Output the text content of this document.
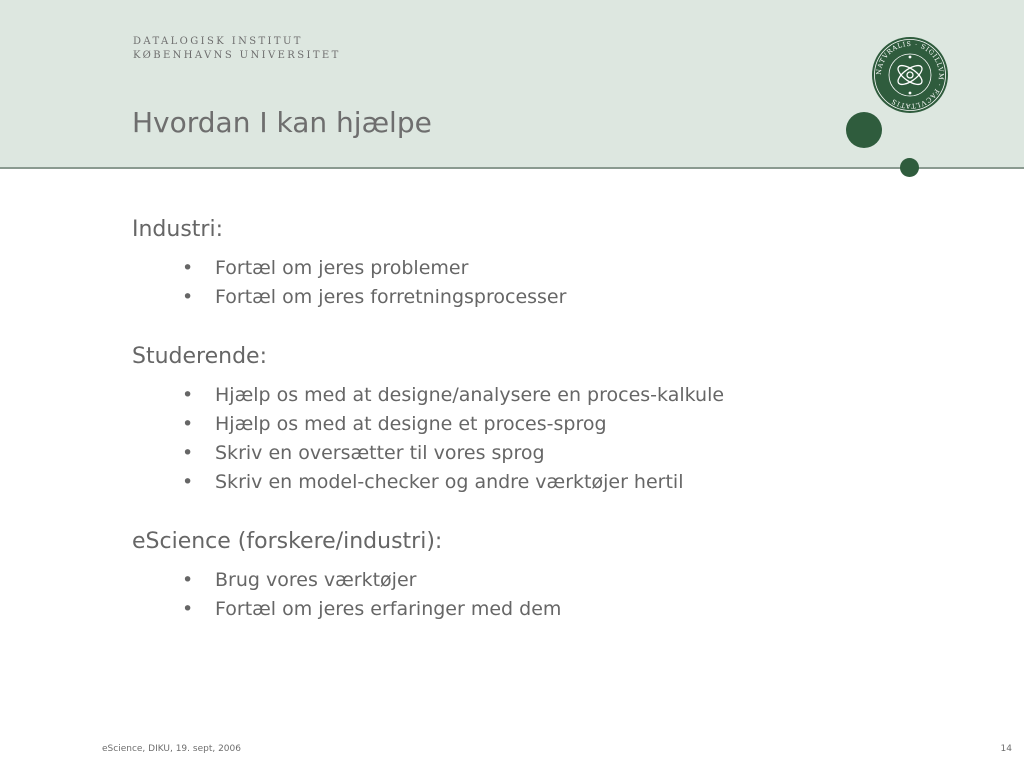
DATALOGISK INSTITUT
KØBENHAVNS UNIVERSITET
Hvordan I kan hjælpe
NATVRALIS · SIGILLVM · FACVLTATIS
Industri:
• Fortæl om jeres problemer
• Fortæl om jeres forretningsprocesser
Studerende:
• Hjælp os med at designe/analysere en proces-kalkule
• Hjælp os med at designe et proces-sprog
• Skriv en oversætter til vores sprog
• Skriv en model-checker og andre værktøjer hertil
eScience (forskere/industri):
• Brug vores værktøjer
• Fortæl om jeres erfaringer med dem
eScience, DIKU, 19. sept, 2006	14
